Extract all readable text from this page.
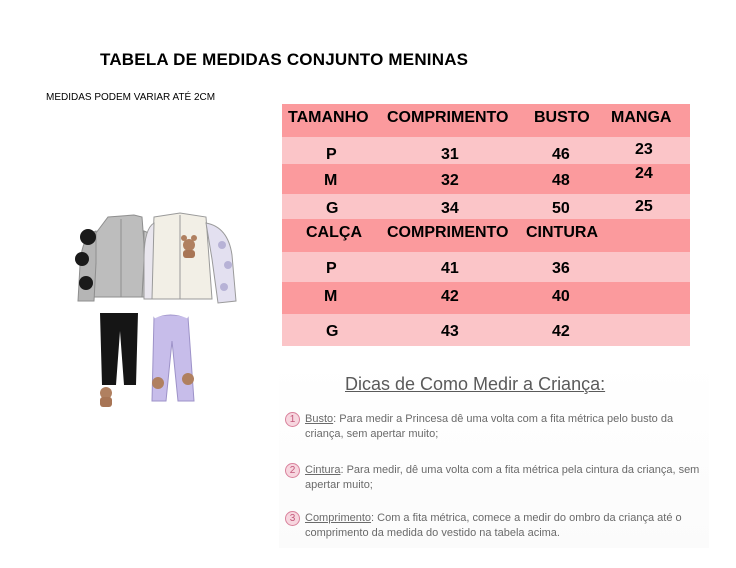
TABELA DE MEDIDAS CONJUNTO MENINAS
MEDIDAS PODEM VARIAR ATÉ 2CM
TAMANHO COMPRIMENTO BUSTO MANGA
P	31	46	23
M	32	48	24
G	34	50	25
CALÇA COMPRIMENTO CINTURA
P	41	36
M	42	40
G	43	42
Dicas de Como Medir a Criança:
1 Busto: Para medir a Princesa dê uma volta com a fita métrica pelo busto da criança, sem apertar muito;
2 Cintura: Para medir, dê uma volta com a fita métrica pela cintura da criança, sem apertar muito;
3 Comprimento: Com a fita métrica, comece a medir do ombro da criança até o comprimento da medida do vestido na tabela acima.
